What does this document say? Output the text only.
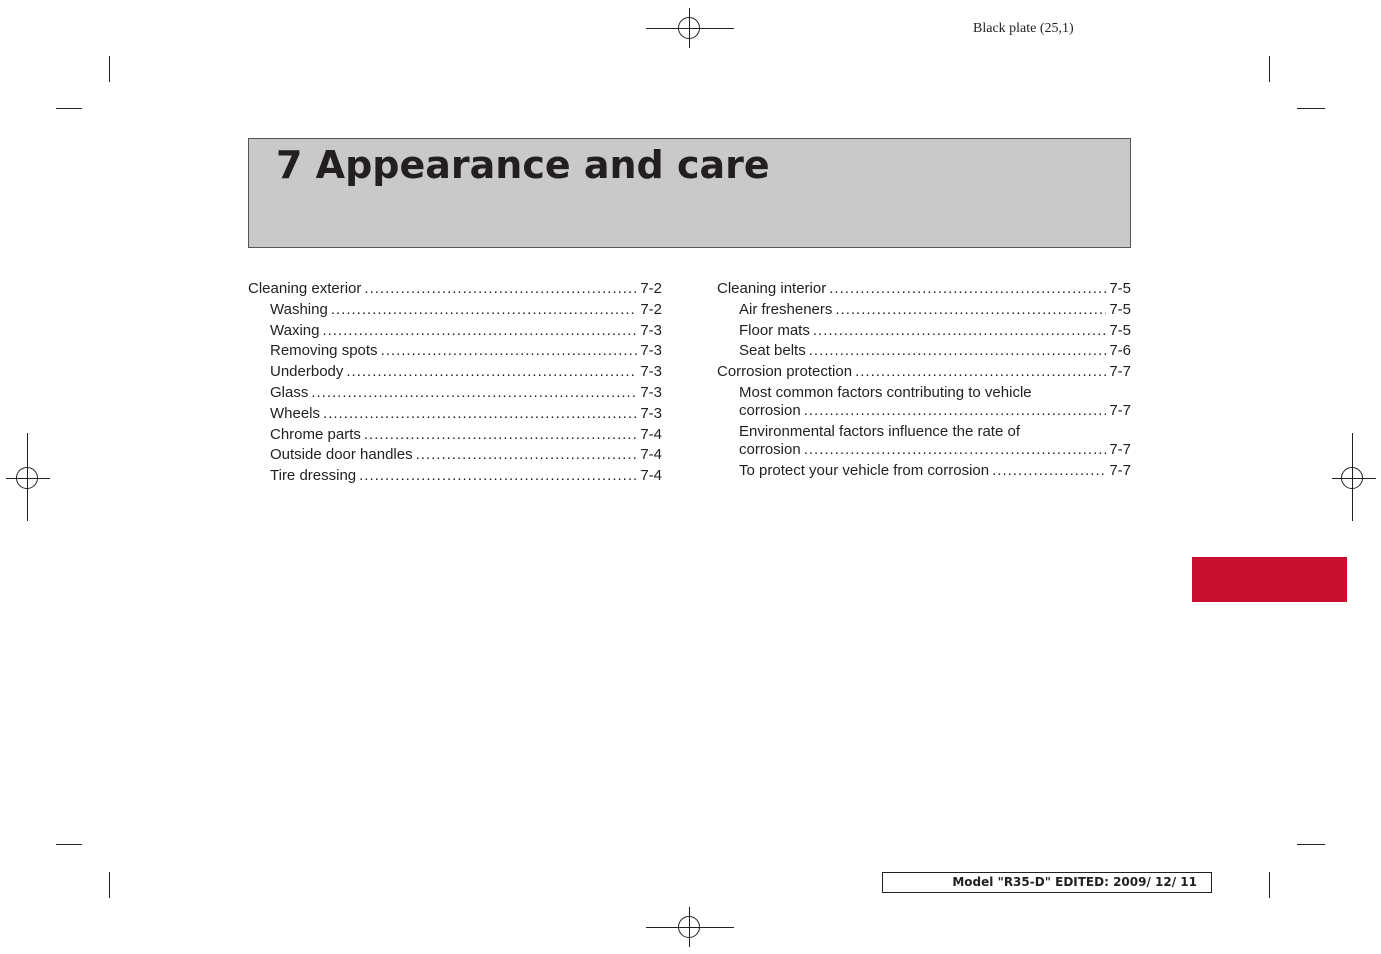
Black plate (25,1)
7 Appearance and care
Cleaning exterior .....	7-2
Washing .....	7-2
Waxing .....	7-3
Removing spots .....	7-3
Underbody .....	7-3
Glass .....	7-3
Wheels .....	7-3
Chrome parts .....	7-4
Outside door handles .....	7-4
Tire dressing .....	7-4
Cleaning interior .....	7-5
Air fresheners .....	7-5
Floor mats .....	7-5
Seat belts .....	7-6
Corrosion protection .....	7-7
Most common factors contributing to vehicle
corrosion .....	7-7
Environmental factors influence the rate of
corrosion .....	7-7
To protect your vehicle from corrosion .....	7-7
Model "R35-D" EDITED: 2009/ 12/ 11
